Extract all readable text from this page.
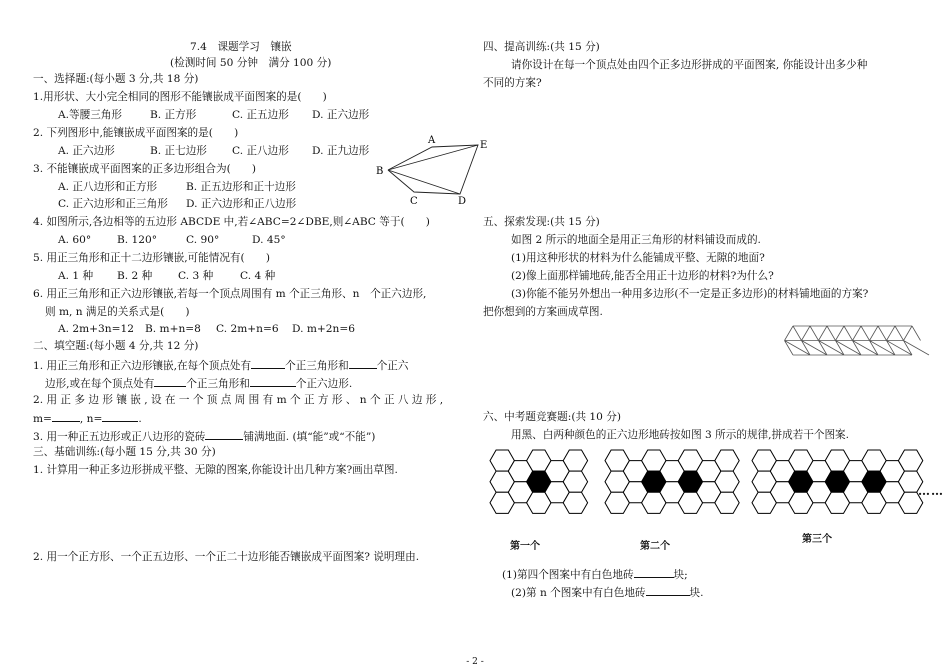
7.4　课题学习　镶嵌
(检测时间 50 分钟　满分 100 分)
一、选择题:(每小题 3 分,共 18 分)
1.用形状、大小完全相同的图形不能镶嵌成平面图案的是(　　)
A.等腰三角形	B. 正方形	C. 正五边形 D. 正六边形
2. 下列图形中,能镶嵌成平面图案的是(　　)
A. 正六边形	B. 正七边形 C. 正八边形 D. 正九边形
3. 不能镶嵌成平面图案的正多边形组合为(　　)
A. 正八边形和正方形	B. 正五边形和正十边形
C. 正六边形和正三角形 D. 正六边形和正八边形
4. 如图所示,各边相等的五边形 ABCDE 中,若∠ABC=2∠DBE,则∠ABC 等于(　　)
A. 60° B. 120°	C. 90°	D. 45°
5. 用正三角形和正十二边形镶嵌,可能情况有(　　)
A. 1 种 B. 2 种 C. 3 种	C. 4 种
6. 用正三角形和正六边形镶嵌,若每一个顶点周围有 m 个正三角形、n　个正六边形,
则 m, n 满足的关系式是(　　)
A. 2m+3n=12 B. m+n=8 C. 2m+n=6 D. m+2n=6
二、填空题:(每小题 4 分,共 12 分)
1. 用正三角形和正六边形镶嵌,在每个顶点处有	个正三角形和	个正六
边形,或在每个顶点处有	个正三角形和	个正六边形.
2. 用 正 多 边 形 镶 嵌 , 设 在 一 个 顶 点 周 围 有 m 个 正 方 形 、 n 个 正 八 边 形 ,
m=	, n=	.
3. 用一种正五边形或正八边形的瓷砖	铺满地面. (填“能”或“不能”)
三、基础训练:(每小题 15 分,共 30 分)
1. 计算用一种正多边形拼成平整、无隙的图案,你能设计出几种方案?画出草图.
2. 用一个正方形、一个正五边形、一个正二十边形能否镶嵌成平面图案? 说明理由.
A	E
B
C	D
四、提高训练:(共 15 分)
请你设计在每一个顶点处由四个正多边形拼成的平面图案, 你能设计出多少种
不同的方案?
五、探索发现:(共 15 分)
如图 2 所示的地面全是用正三角形的材料铺设而成的.
(1)用这种形状的材料为什么能铺成平整、无隙的地面?
(2)像上面那样铺地砖,能否全用正十边形的材料?为什么?
(3)你能不能另外想出一种用多边形(不一定是正多边形)的材料铺地面的方案?
把你想到的方案画成草图.
六、中考题竞赛题:(共 10 分)
用黑、白两种颜色的正六边形地砖按如图 3 所示的规律,拼成若干个图案.
……
第一个	第二个
第三个
(1)第四个图案中有白色地砖	块;
(2)第 n 个图案中有白色地砖	块.
- 2 -
